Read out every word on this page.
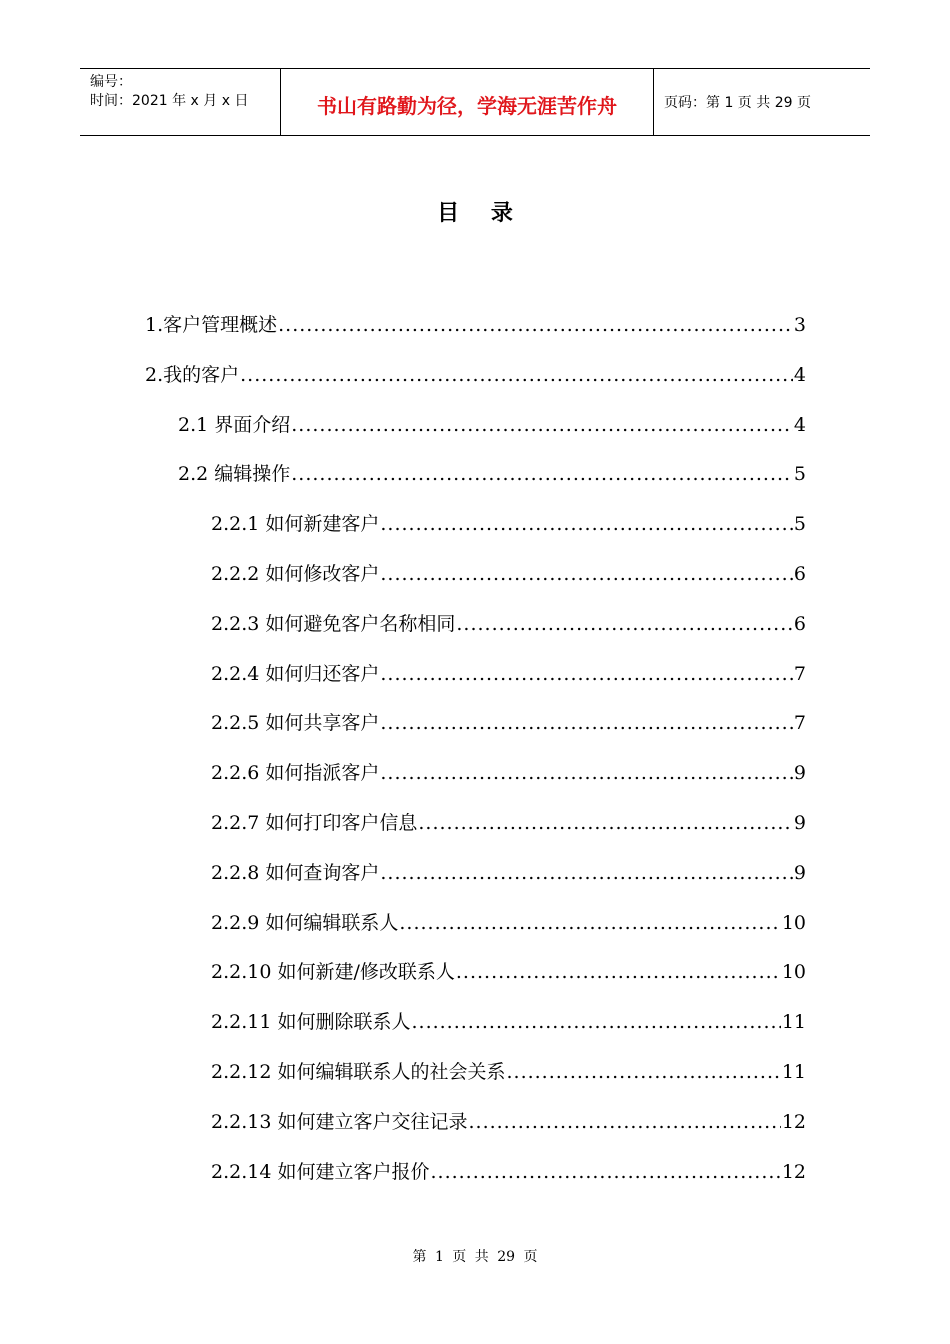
编号：
时间：2021 年 x 月 x 日	书山有路勤为径，学海无涯苦作舟	页码：第 1 页 共 29 页
目 录
1.客户管理概述 .....	3
2.我的客户 .....	4
2.1 界面介绍 .....	4
2.2 编辑操作 .....	5
2.2.1 如何新建客户 .....	5
2.2.2 如何修改客户 .....	6
2.2.3 如何避免客户名称相同 .....	6
2.2.4 如何归还客户 .....	7
2.2.5 如何共享客户 .....	7
2.2.6 如何指派客户 .....	9
2.2.7 如何打印客户信息 .....	9
2.2.8 如何查询客户 .....	9
2.2.9 如何编辑联系人 .....	10
2.2.10 如何新建/修改联系人 .....	10
2.2.11 如何删除联系人 .....	11
2.2.12 如何编辑联系人的社会关系 .....	11
2.2.13 如何建立客户交往记录 .....	12
2.2.14 如何建立客户报价 .....	12
第 1 页 共 29 页
